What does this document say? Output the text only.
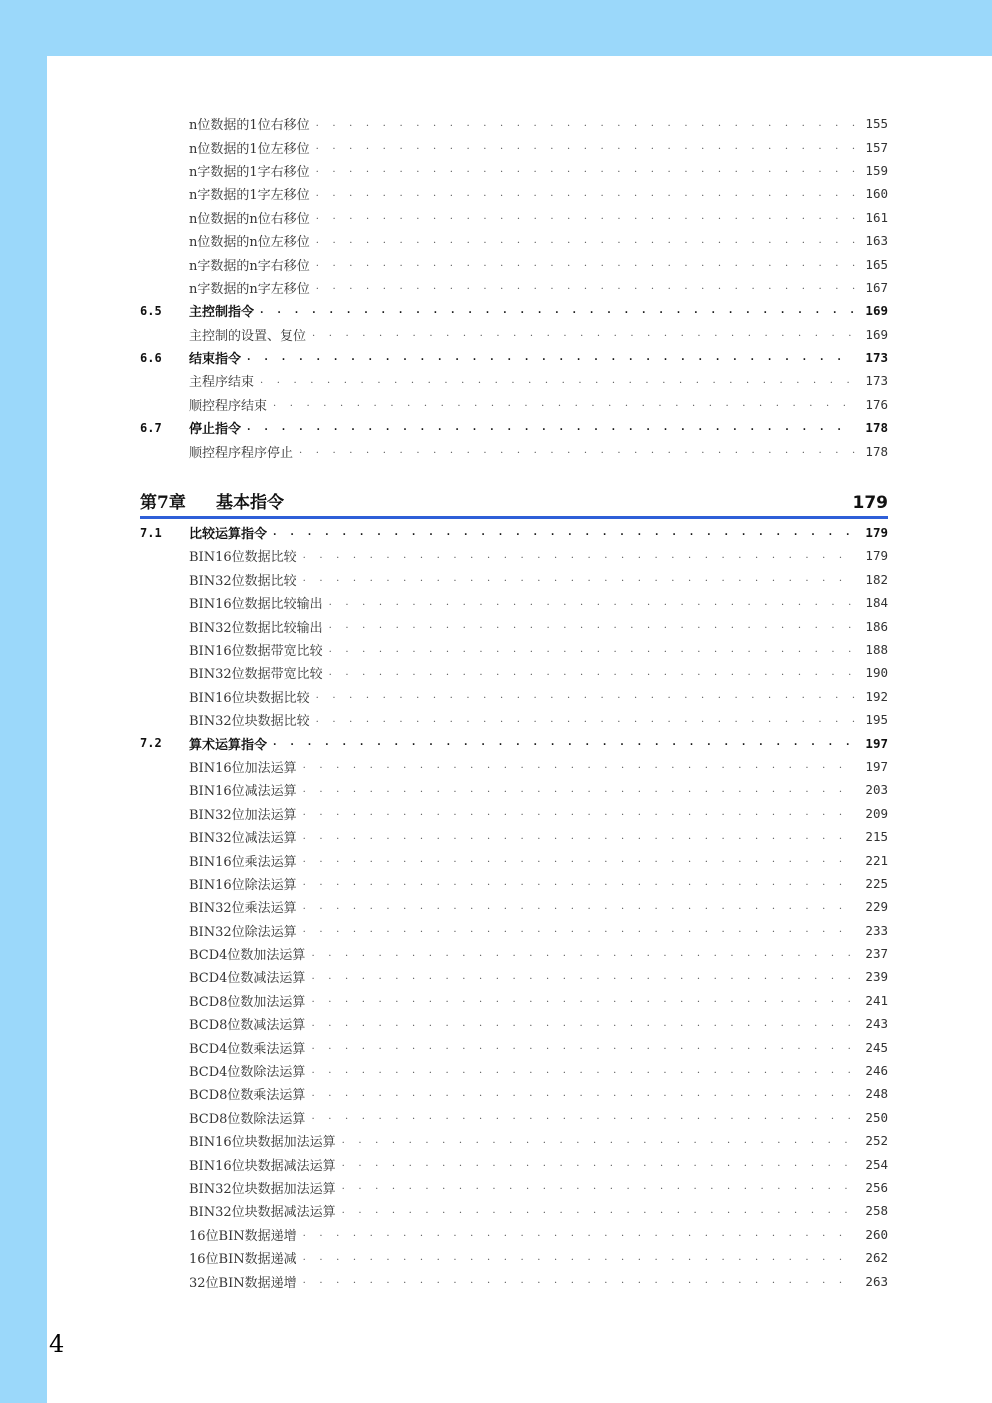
n位数据的1位右移位 . . .	155
n位数据的1位左移位 . . .	157
n字数据的1字右移位 . . .	159
n字数据的1字左移位 . . .	160
n位数据的n位右移位 . . .	161
n位数据的n位左移位 . . .	163
n字数据的n字右移位 . . .	165
n字数据的n字左移位 . . .	167
6.5	主控制指令 . . .	169
主控制的设置、复位 . . .	169
6.6	结束指令 . . .	173
主程序结束 . . .	173
顺控程序结束 . . .	176
6.7	停止指令 . . .	178
顺控程序程序停止 . . .	178
第7章	基本指令	179
7.1	比较运算指令 . . .	179
BIN16位数据比较 . . .	179
BIN32位数据比较 . . .	182
BIN16位数据比较输出 . . .	184
BIN32位数据比较输出 . . .	186
BIN16位数据带宽比较 . . .	188
BIN32位数据带宽比较 . . .	190
BIN16位块数据比较 . . .	192
BIN32位块数据比较 . . .	195
7.2	算术运算指令 . . .	197
BIN16位加法运算 . . .	197
BIN16位减法运算 . . .	203
BIN32位加法运算 . . .	209
BIN32位减法运算 . . .	215
BIN16位乘法运算 . . .	221
BIN16位除法运算 . . .	225
BIN32位乘法运算 . . .	229
BIN32位除法运算 . . .	233
BCD4位数加法运算 . . .	237
BCD4位数减法运算 . . .	239
BCD8位数加法运算 . . .	241
BCD8位数减法运算 . . .	243
BCD4位数乘法运算 . . .	245
BCD4位数除法运算 . . .	246
BCD8位数乘法运算 . . .	248
BCD8位数除法运算 . . .	250
BIN16位块数据加法运算 . . .	252
BIN16位块数据减法运算 . . .	254
BIN32位块数据加法运算 . . .	256
BIN32位块数据减法运算 . . .	258
16位BIN数据递增 . . .	260
16位BIN数据递减 . . .	262
32位BIN数据递增 . . .	263
4
